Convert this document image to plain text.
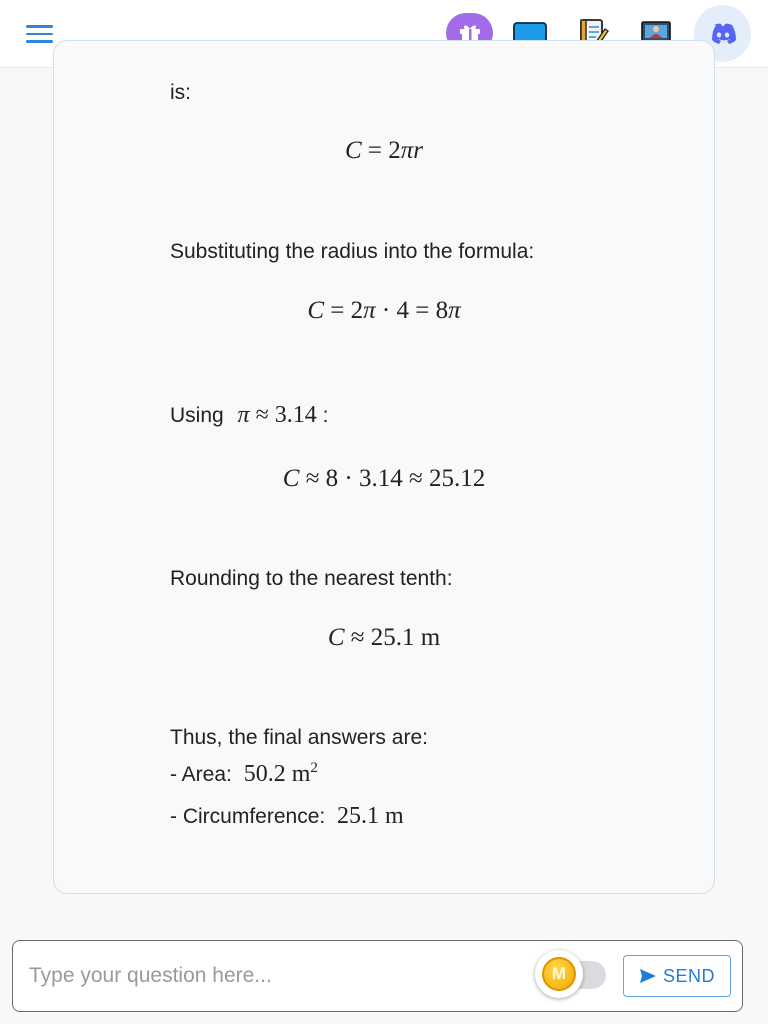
is:
C = 2πr
Substituting the radius into the formula:
C = 2π · 4 = 8π
Using π ≈ 3.14 :
C ≈ 8 · 3.14 ≈ 25.12
Rounding to the nearest tenth:
C ≈ 25.1 m
Thus, the final answers are:
- Area: 50.2 $m^2$
- Circumference: 25.1 m
Type your question here...
M	SEND
